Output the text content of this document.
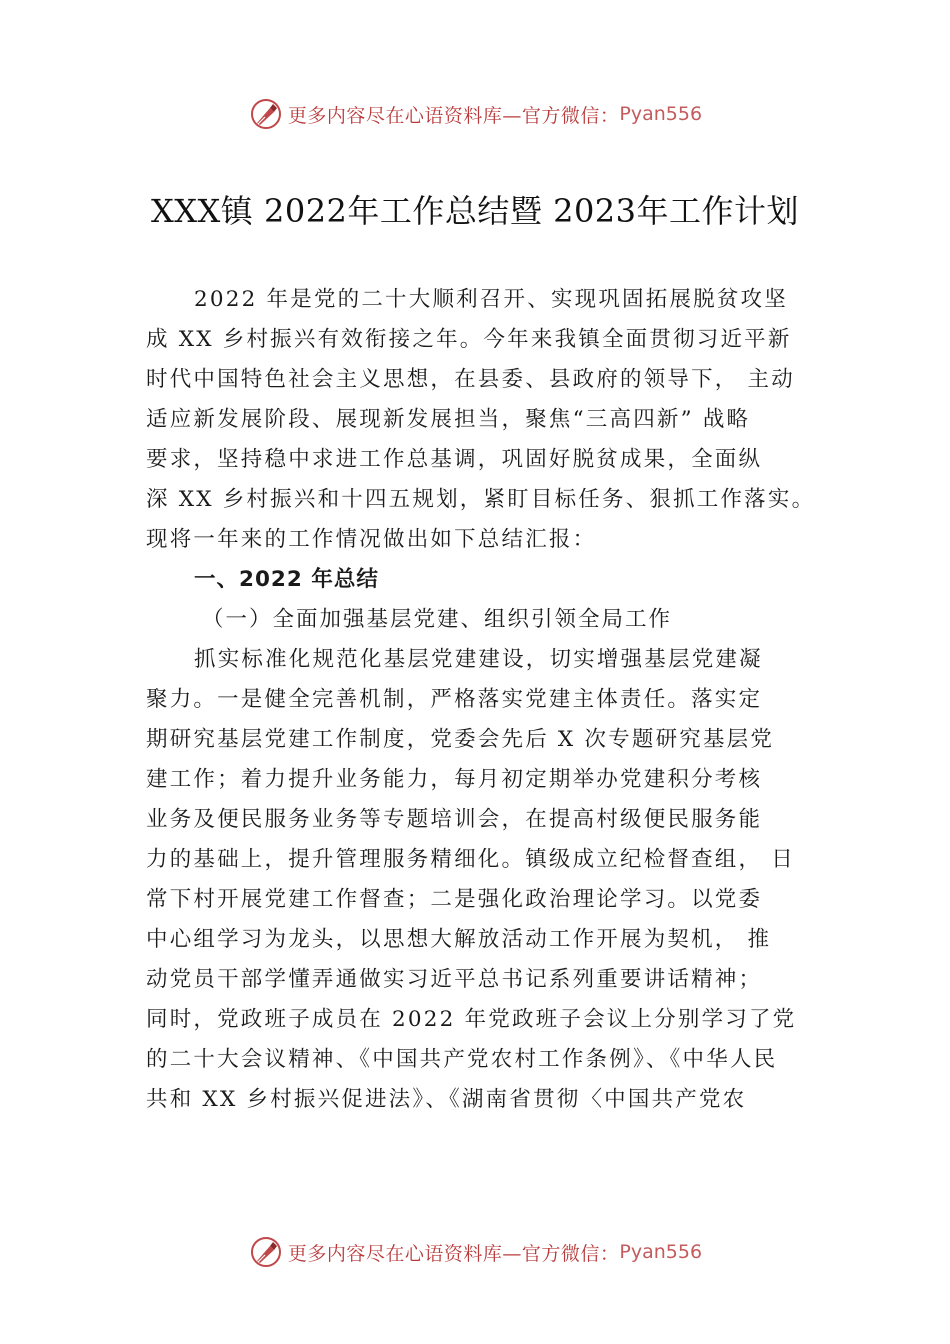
更多内容尽在心语资料库—官方微信： Pyan556
XXX镇 2022年工作总结暨 2023年工作计划
2022 年是党的二十大顺利召开、实现巩固拓展脱贫攻坚
成 XX 乡村振兴有效衔接之年。今年来我镇全面贯彻习近平新
时代中国特色社会主义思想，在县委、县政府的领导下， 主动
适应新发展阶段、展现新发展担当，聚焦“三高四新” 战略
要求，坚持稳中求进工作总基调，巩固好脱贫成果，全面纵
深 XX 乡村振兴和十四五规划，紧盯目标任务、狠抓工作落实。
现将一年来的工作情况做出如下总结汇报：
一、2022 年总结
（一）全面加强基层党建、组织引领全局工作
抓实标准化规范化基层党建建设，切实增强基层党建凝
聚力。一是健全完善机制，严格落实党建主体责任。落实定
期研究基层党建工作制度，党委会先后 X 次专题研究基层党
建工作；着力提升业务能力，每月初定期举办党建积分考核
业务及便民服务业务等专题培训会，在提高村级便民服务能
力的基础上，提升管理服务精细化。镇级成立纪检督查组， 日
常下村开展党建工作督查；二是强化政治理论学习。以党委
中心组学习为龙头，以思想大解放活动工作开展为契机， 推
动党员干部学懂弄通做实习近平总书记系列重要讲话精神；
同时，党政班子成员在 2022 年党政班子会议上分别学习了党
的二十大会议精神、《中国共产党农村工作条例》、《中华人民
共和 XX 乡村振兴促进法》、《湖南省贯彻〈中国共产党农
更多内容尽在心语资料库—官方微信： Pyan556
